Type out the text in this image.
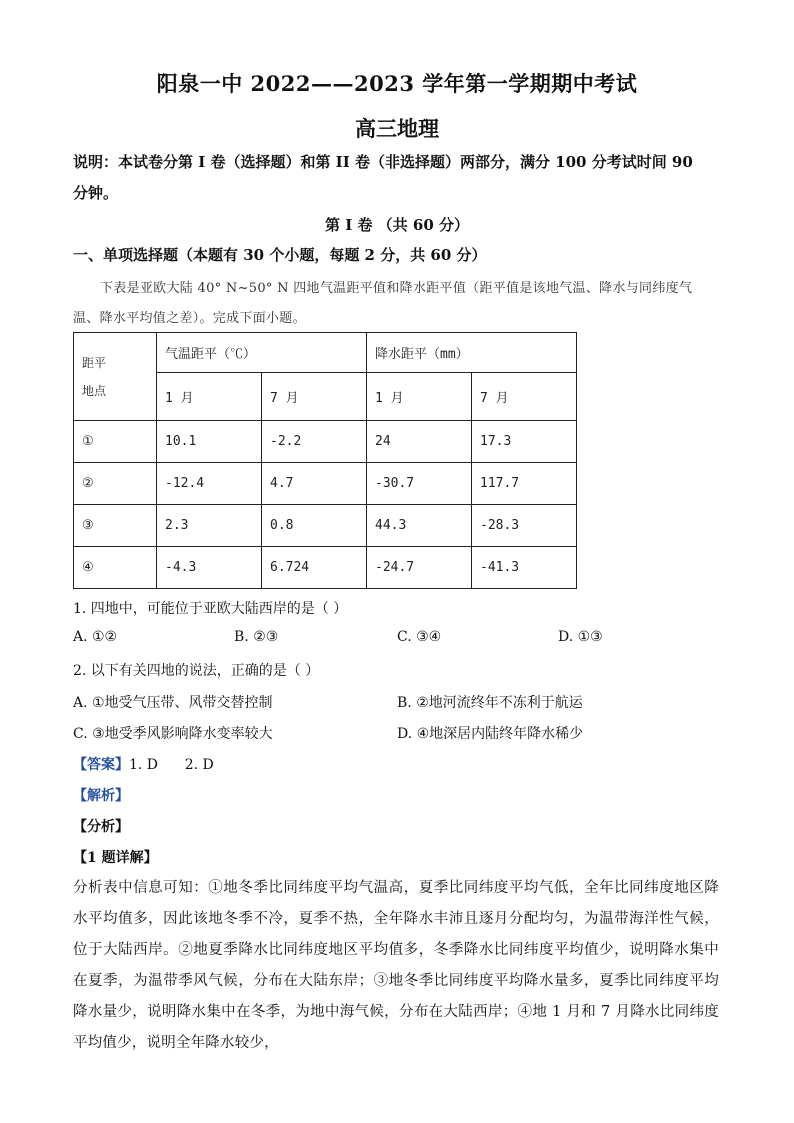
阳泉一中 2022——2023 学年第一学期期中考试
高三地理
说明：本试卷分第 I 卷（选择题）和第 II 卷（非选择题）两部分，满分 100 分考试时间 90
分钟。
第 I 卷 （共 60 分）
一、单项选择题（本题有 30 个小题，每题 2 分，共 60 分）
下表是亚欧大陆 40° N~50° N 四地气温距平值和降水距平值（距平值是该地气温、降水与同纬度气
温、降水平均值之差）。完成下面小题。
距平
地点	气温距平（℃）		降水距平（mm）	
	1 月	7 月	1 月	7 月
①	10.1	-2.2	24	17.3
②	-12.4	4.7	-30.7	117.7
③	2.3	0.8	44.3	-28.3
④	-4.3	6.724	-24.7	-41.3
1. 四地中，可能位于亚欧大陆西岸的是（ ）
A. ①②	B. ②③	C. ③④	D. ①③
2. 以下有关四地的说法，正确的是（ ）
A. ①地受气压带、风带交替控制	B. ②地河流终年不冻利于航运
C. ③地受季风影响降水变率较大	D. ④地深居内陆终年降水稀少
【答案】1. D      2. D
【解析】
【分析】
【1 题详解】
分析表中信息可知：①地冬季比同纬度平均气温高，夏季比同纬度平均气低，全年比同纬度地区降水平均值多，因此该地冬季不冷，夏季不热，全年降水丰沛且逐月分配均匀，为温带海洋性气候，位于大陆西岸。②地夏季降水比同纬度地区平均值多，冬季降水比同纬度平均值少，说明降水集中在夏季，为温带季风气候，分布在大陆东岸；③地冬季比同纬度平均降水量多，夏季比同纬度平均降水量少，说明降水集中在冬季，为地中海气候，分布在大陆西岸；④地 1 月和 7 月降水比同纬度平均值少，说明全年降水较少，
